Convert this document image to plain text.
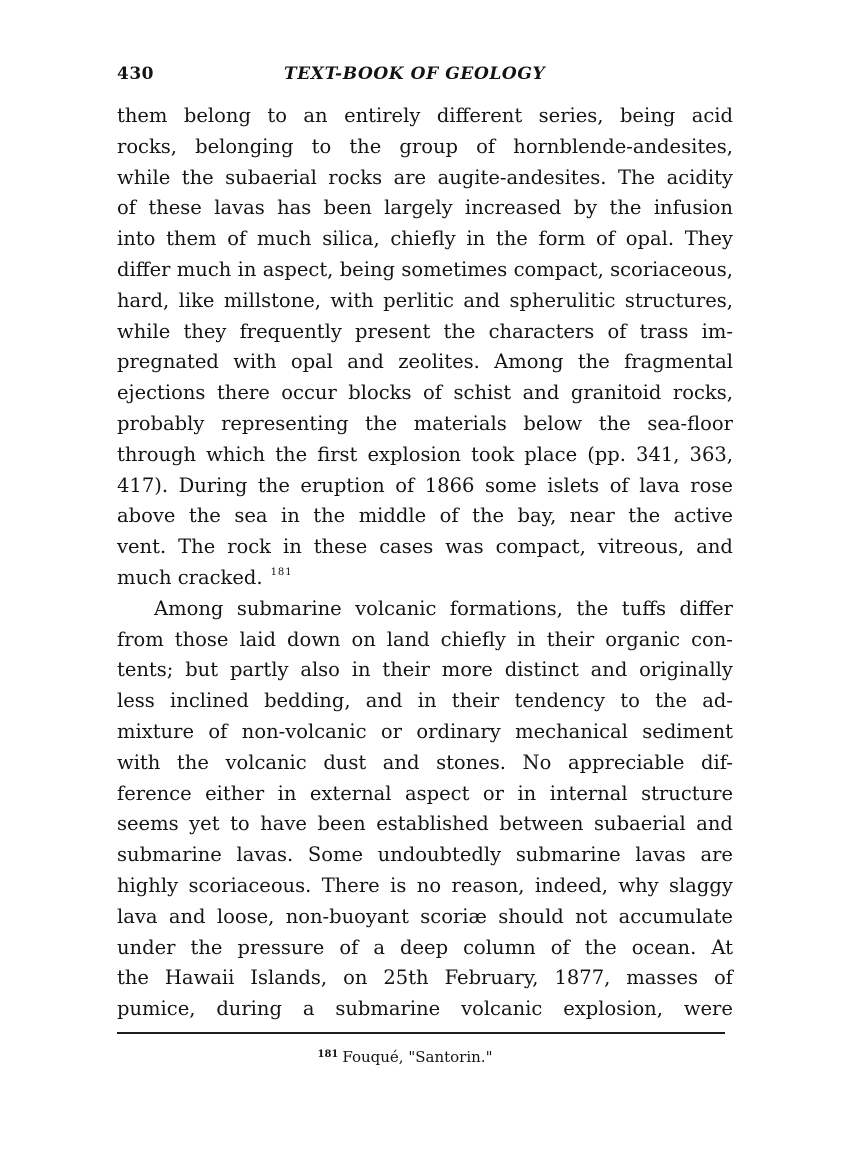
430	TEXT-BOOK OF GEOLOGY
them belong to an entirely different series, being acid
rocks, belonging to the group of hornblende-andesites,
while the subaerial rocks are augite-andesites. The acidity
of these lavas has been largely increased by the infusion
into them of much silica, chiefly in the form of opal. They
differ much in aspect, being sometimes compact, scoriaceous,
hard, like millstone, with perlitic and spherulitic structures,
while they frequently present the characters of trass im-
pregnated with opal and zeolites. Among the fragmental
ejections there occur blocks of schist and granitoid rocks,
probably representing the materials below the sea-floor
through which the first explosion took place (pp. 341, 363,
417). During the eruption of 1866 some islets of lava rose
above the sea in the middle of the bay, near the active
vent. The rock in these cases was compact, vitreous, and
much cracked. $^{181}$
Among submarine volcanic formations, the tuffs differ
from those laid down on land chiefly in their organic con-
tents; but partly also in their more distinct and originally
less inclined bedding, and in their tendency to the ad-
mixture of non-volcanic or ordinary mechanical sediment
with the volcanic dust and stones. No appreciable dif-
ference either in external aspect or in internal structure
seems yet to have been established between subaerial and
submarine lavas. Some undoubtedly submarine lavas are
highly scoriaceous. There is no reason, indeed, why slaggy
lava and loose, non-buoyant scoriæ should not accumulate
under the pressure of a deep column of the ocean. At
the Hawaii Islands, on 25th February, 1877, masses of
pumice, during a submarine volcanic explosion, were
$^{181}$ Fouqué, "Santorin."
